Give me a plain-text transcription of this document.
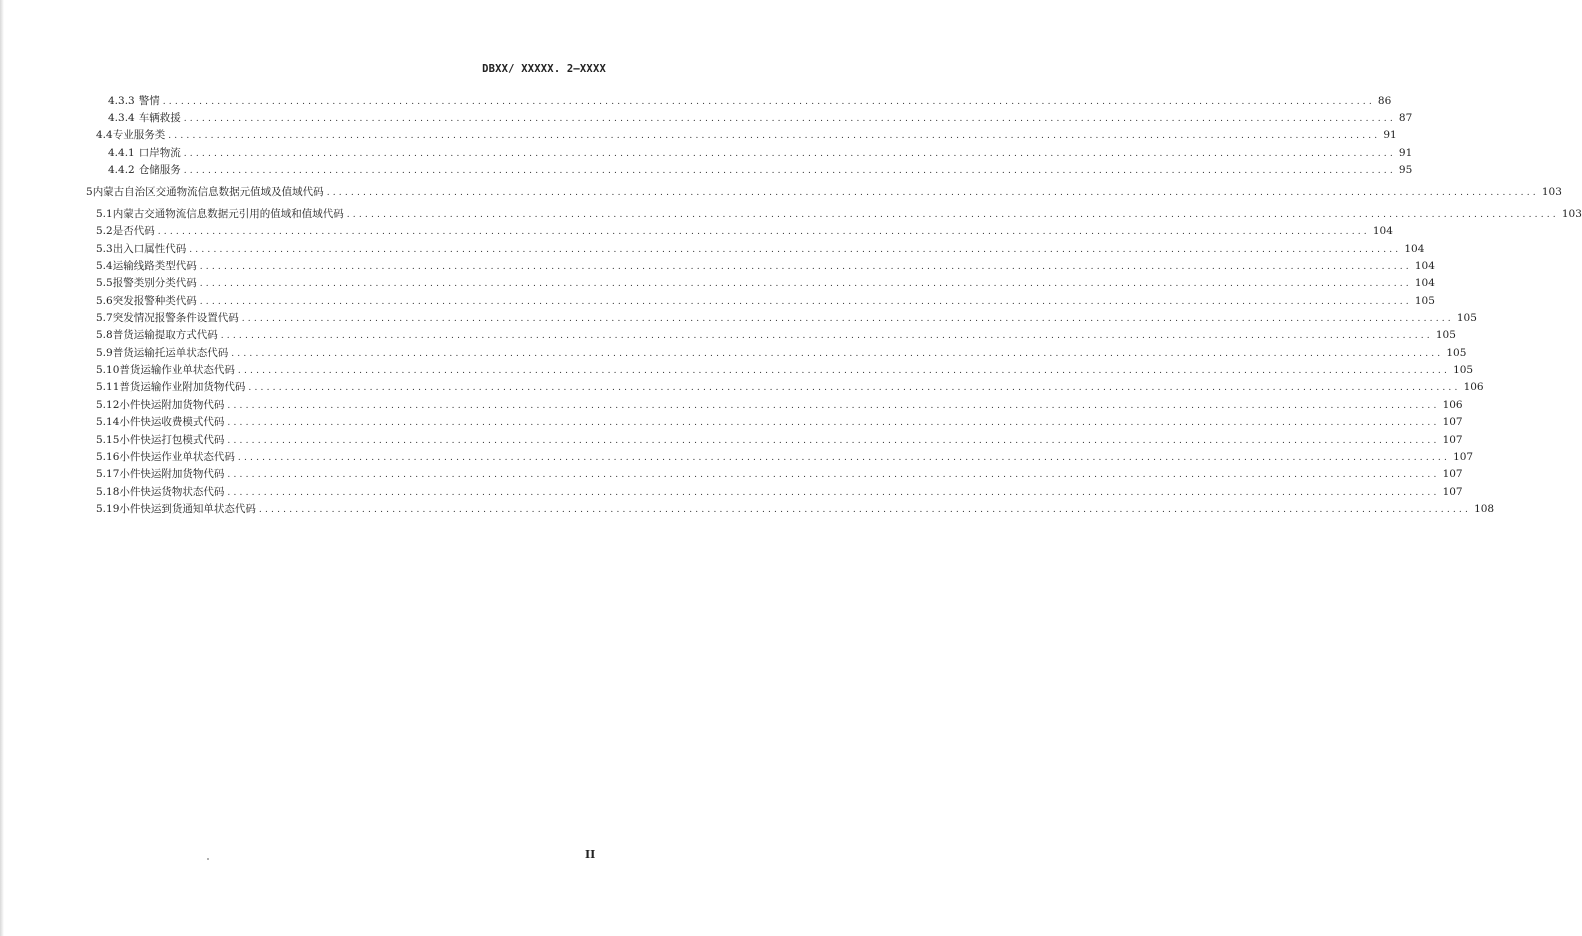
DBXX/ XXXXX. 2—XXXX
4.3.3 警情 ........................................................................................................................................................................................................ 86
4.3.4 车辆救援 ........................................................................................................................................................................................................ 87
4.4 专业服务类 ........................................................................................................................................................................................................ 91
4.4.1 口岸物流 ........................................................................................................................................................................................................ 91
4.4.2 仓储服务 ........................................................................................................................................................................................................ 95
5 内蒙古自治区交通物流信息数据元值域及值域代码 ........................................................................................................................................................................................................ 103
5.1 内蒙古交通物流信息数据元引用的值域和值域代码 ........................................................................................................................................................................................................ 103
5.2 是否代码 ........................................................................................................................................................................................................ 104
5.3 出入口属性代码 ........................................................................................................................................................................................................ 104
5.4 运输线路类型代码 ........................................................................................................................................................................................................ 104
5.5 报警类别分类代码 ........................................................................................................................................................................................................ 104
5.6 突发报警种类代码 ........................................................................................................................................................................................................ 105
5.7 突发情况报警条件设置代码 ........................................................................................................................................................................................................ 105
5.8 普货运输提取方式代码 ........................................................................................................................................................................................................ 105
5.9 普货运输托运单状态代码 ........................................................................................................................................................................................................ 105
5.10 普货运输作业单状态代码 ........................................................................................................................................................................................................ 105
5.11 普货运输作业附加货物代码 ........................................................................................................................................................................................................ 106
5.12 小件快运附加货物代码 ........................................................................................................................................................................................................ 106
5.14 小件快运收费模式代码 ........................................................................................................................................................................................................ 107
5.15 小件快运打包模式代码 ........................................................................................................................................................................................................ 107
5.16 小件快运作业单状态代码 ........................................................................................................................................................................................................ 107
5.17 小件快运附加货物代码 ........................................................................................................................................................................................................ 107
5.18 小件快运货物状态代码 ........................................................................................................................................................................................................ 107
5.19 小件快运到货通知单状态代码 ........................................................................................................................................................................................................ 108
II
